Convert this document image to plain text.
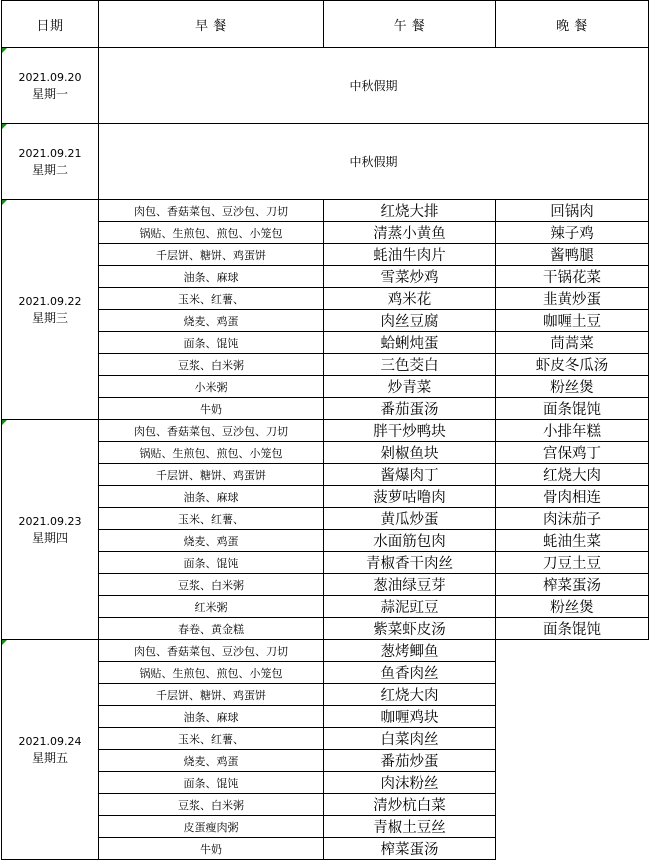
日期	早 餐	午 餐	晚 餐

2021.09.20
星期一	中秋假期		

2021.09.21
星期二	中秋假期		

2021.09.22
星期三	肉包、香菇菜包、豆沙包、刀切	红烧大排	回锅肉
	锅贴、生煎包、煎包、小笼包	清蒸小黄鱼	辣子鸡
	千层饼、糖饼、鸡蛋饼	蚝油牛肉片	酱鸭腿
	油条、麻球	雪菜炒鸡	干锅花菜
	玉米、红薯、	鸡米花	韭黄炒蛋
	烧麦、鸡蛋	肉丝豆腐	咖喱土豆
	面条、馄饨	蛤蜊炖蛋	茼蒿菜
	豆浆、白米粥	三色茭白	虾皮冬瓜汤
	小米粥	炒青菜	粉丝煲
	牛奶	番茄蛋汤	面条馄饨

2021.09.23
星期四	肉包、香菇菜包、豆沙包、刀切	胖干炒鸭块	小排年糕
	锅贴、生煎包、煎包、小笼包	剁椒鱼块	宫保鸡丁
	千层饼、糖饼、鸡蛋饼	酱爆肉丁	红烧大肉
	油条、麻球	菠萝咕噜肉	骨肉相连
	玉米、红薯、	黄瓜炒蛋	肉沫茄子
	烧麦、鸡蛋	水面筋包肉	蚝油生菜
	面条、馄饨	青椒香干肉丝	刀豆土豆
	豆浆、白米粥	葱油绿豆芽	榨菜蛋汤
	红米粥	蒜泥豇豆	粉丝煲
	春卷、黄金糕	紫菜虾皮汤	面条馄饨

2021.09.24
星期五	肉包、香菇菜包、豆沙包、刀切	葱烤鲫鱼	
	锅贴、生煎包、煎包、小笼包	鱼香肉丝	
	千层饼、糖饼、鸡蛋饼	红烧大肉	
	油条、麻球	咖喱鸡块	
	玉米、红薯、	白菜肉丝	
	烧麦、鸡蛋	番茄炒蛋	
	面条、馄饨	肉沫粉丝	
	豆浆、白米粥	清炒杭白菜	
	皮蛋瘦肉粥	青椒土豆丝	
	牛奶	榨菜蛋汤	
